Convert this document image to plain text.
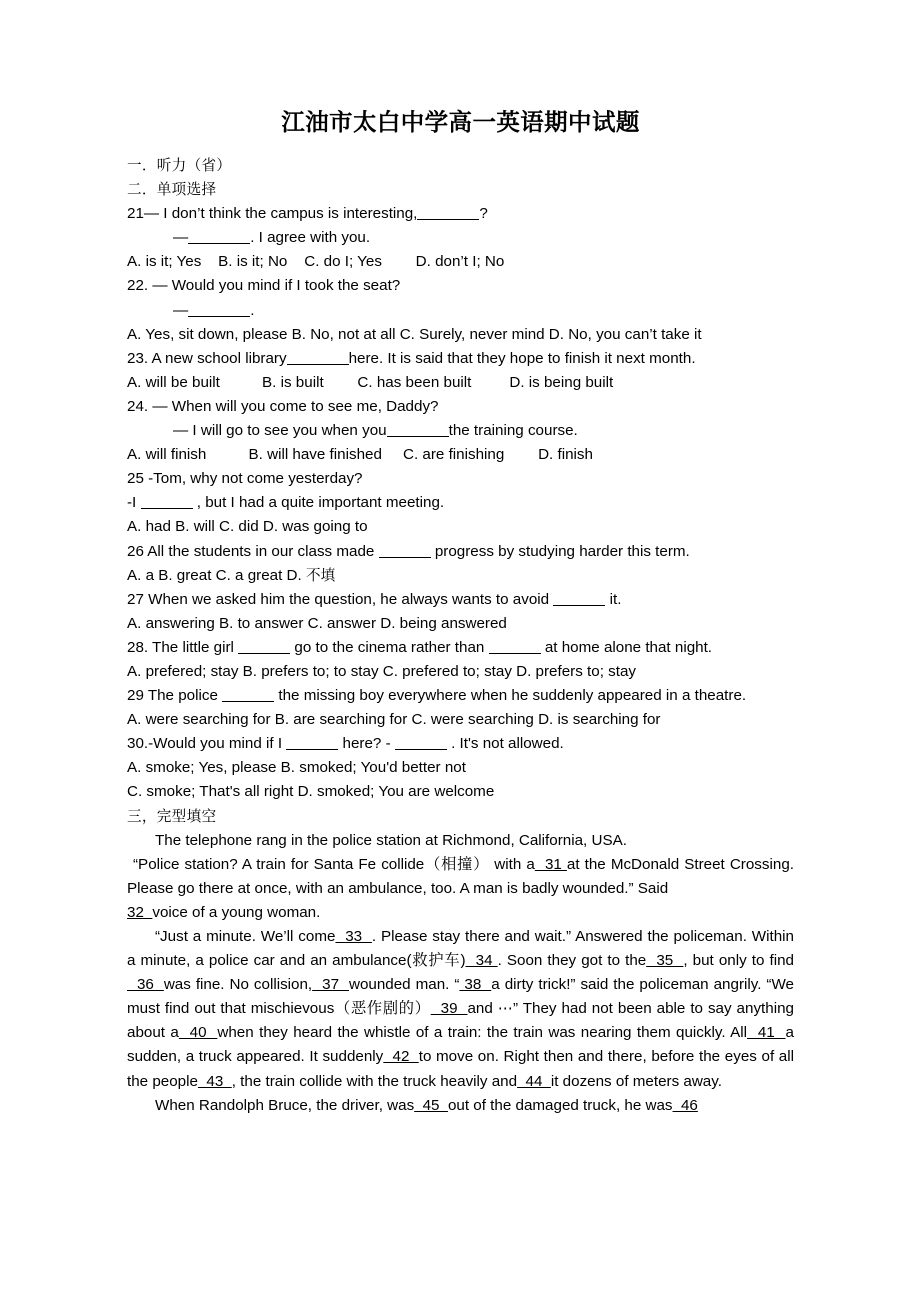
江油市太白中学高一英语期中试题

一．听力（省）

二．单项选择

21— I don’t think the campus is interesting,	?

—	. I agree with you.

A. is it; Yes    B. is it; No    C. do I; Yes        D. don’t I; No

22. — Would you mind if I took the seat?

—	.

A. Yes, sit down, please B. No, not at all C. Surely, never mind D. No, you can’t take it

23. A new school library	here. It is said that they hope to finish it next month.

A. will be built          B. is built        C. has been built         D. is being built

24. — When will you come to see me, Daddy?

— I will go to see you when you	the training course.

A. will finish          B. will have finished     C. are finishing        D. finish

25 -Tom, why not come yesterday?

-I	, but I had a quite important meeting.

A. had B. will C. did D. was going to

26 All the students in our class made	progress by studying harder this term.

A. a B. great C. a great D. 不填

27 When we asked him the question, he always wants to avoid	it.

A. answering B. to answer C. answer D. being answered

28. The little girl	go to the cinema rather than	at home alone that night.

A. prefered; stay B. prefers to; to stay C. prefered to; stay D. prefers to; stay

29 The police	the missing boy everywhere when he suddenly appeared in a theatre.

A. were searching for B. are searching for C. were searching D. is searching for

30.-Would you mind if I	here? -	. It's not allowed.

A. smoke; Yes, please B. smoked; You'd better not

C. smoke; That's all right D. smoked; You are welcome

三，完型填空

The telephone rang in the police station at Richmond, California, USA.

“Police station? A train for Santa Fe collide（相撞） with a  31 at the McDonald Street Crossing. Please go there at once, with an ambulance, too. A man is badly wounded.” Said

32  voice of a young woman.

“Just a minute. We’ll come  33  . Please stay there and wait.” Answered the policeman. Within a minute, a police car and an ambulance(救护车)  34 . Soon they got to the  35  , but only to find  36  was fine. No collision,  37  wounded man. “ 38  a dirty trick!” said the policeman angrily. “We must find out that mischievous（恶作剧的）  39  and ⋯” They had not been able to say anything about a  40  when they heard the whistle of a train: the train was nearing them quickly. All  41  a sudden, a truck appeared. It suddenly  42  to move on. Right then and there, before the eyes of all the people  43  , the train collide with the truck heavily and  44  it dozens of meters away.

When Randolph Bruce, the driver, was  45  out of the damaged truck, he was  46
